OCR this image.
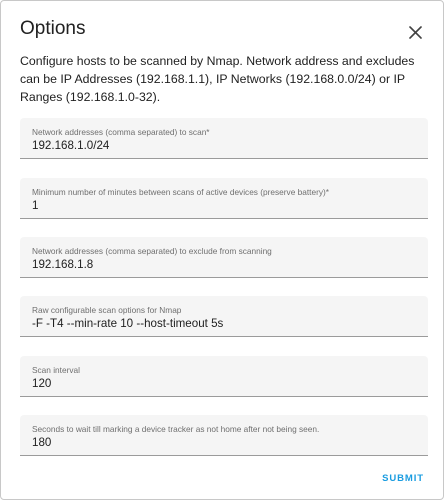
Options
Configure hosts to be scanned by Nmap. Network address and excludes can be IP Addresses (192.168.1.1), IP Networks (192.168.0.0/24) or IP Ranges (192.168.1.0-32).
Network addresses (comma separated) to scan*
192.168.1.0/24
Minimum number of minutes between scans of active devices (preserve battery)*
1
Network addresses (comma separated) to exclude from scanning
192.168.1.8
Raw configurable scan options for Nmap
-F -T4 --min-rate 10 --host-timeout 5s
Scan interval
120
Seconds to wait till marking a device tracker as not home after not being seen.
180
SUBMIT
